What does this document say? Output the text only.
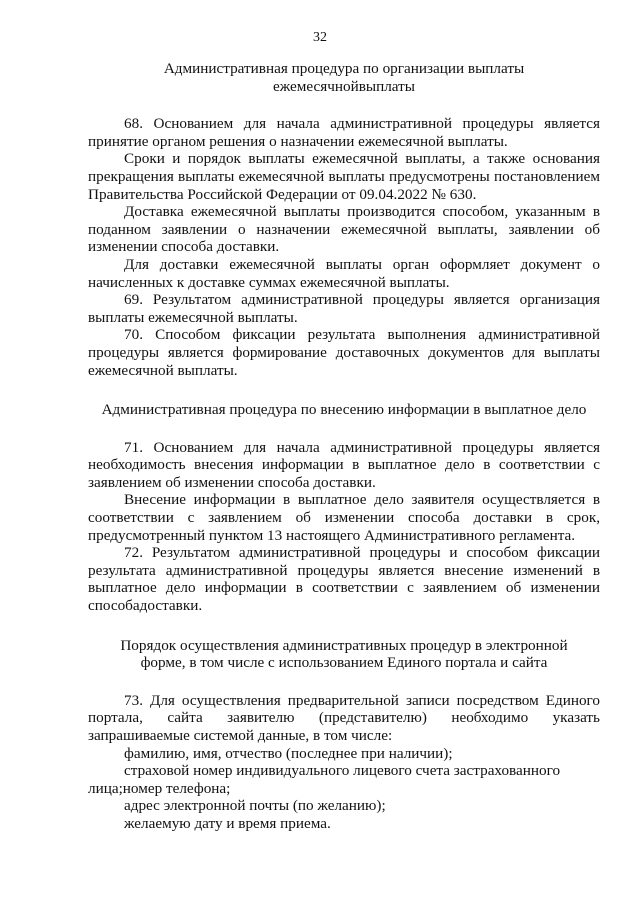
32

Административная процедура по организации выплаты ежемесячнойвыплаты

68. Основанием для начала административной процедуры является принятие органом решения о назначении ежемесячной выплаты.

Сроки и порядок выплаты ежемесячной выплаты, а также основания прекращения выплаты ежемесячной выплаты предусмотрены постановлением Правительства Российской Федерации от 09.04.2022 № 630.

Доставка ежемесячной выплаты производится способом, указанным в поданном заявлении о назначении ежемесячной выплаты, заявлении об изменении способа доставки.

Для доставки ежемесячной выплаты орган оформляет документ о начисленных к доставке суммах ежемесячной выплаты.

69. Результатом административной процедуры является организация выплаты ежемесячной выплаты.

70. Способом фиксации результата выполнения административной процедуры является формирование доставочных документов для выплаты ежемесячной выплаты.

Административная процедура по внесению информации в выплатное дело

71. Основанием для начала административной процедуры является необходимость внесения информации в выплатное дело в соответствии с заявлением об изменении способа доставки.

Внесение информации в выплатное дело заявителя осуществляется в соответствии с заявлением об изменении способа доставки в срок, предусмотренный пунктом 13 настоящего Административного регламента.

72. Результатом административной процедуры и способом фиксации результата административной процедуры является внесение изменений в выплатное дело информации в соответствии с заявлением об изменении способадоставки.

Порядок осуществления административных процедур в электронной форме, в том числе с использованием Единого портала и сайта

73. Для осуществления предварительной записи посредством Единого портала, сайта заявителю (представителю) необходимо указать запрашиваемые системой данные, в том числе:

фамилию, имя, отчество (последнее при наличии);

страховой номер индивидуального лицевого счета застрахованного лица;номер телефона;

адрес электронной почты (по желанию);

желаемую дату и время приема.
